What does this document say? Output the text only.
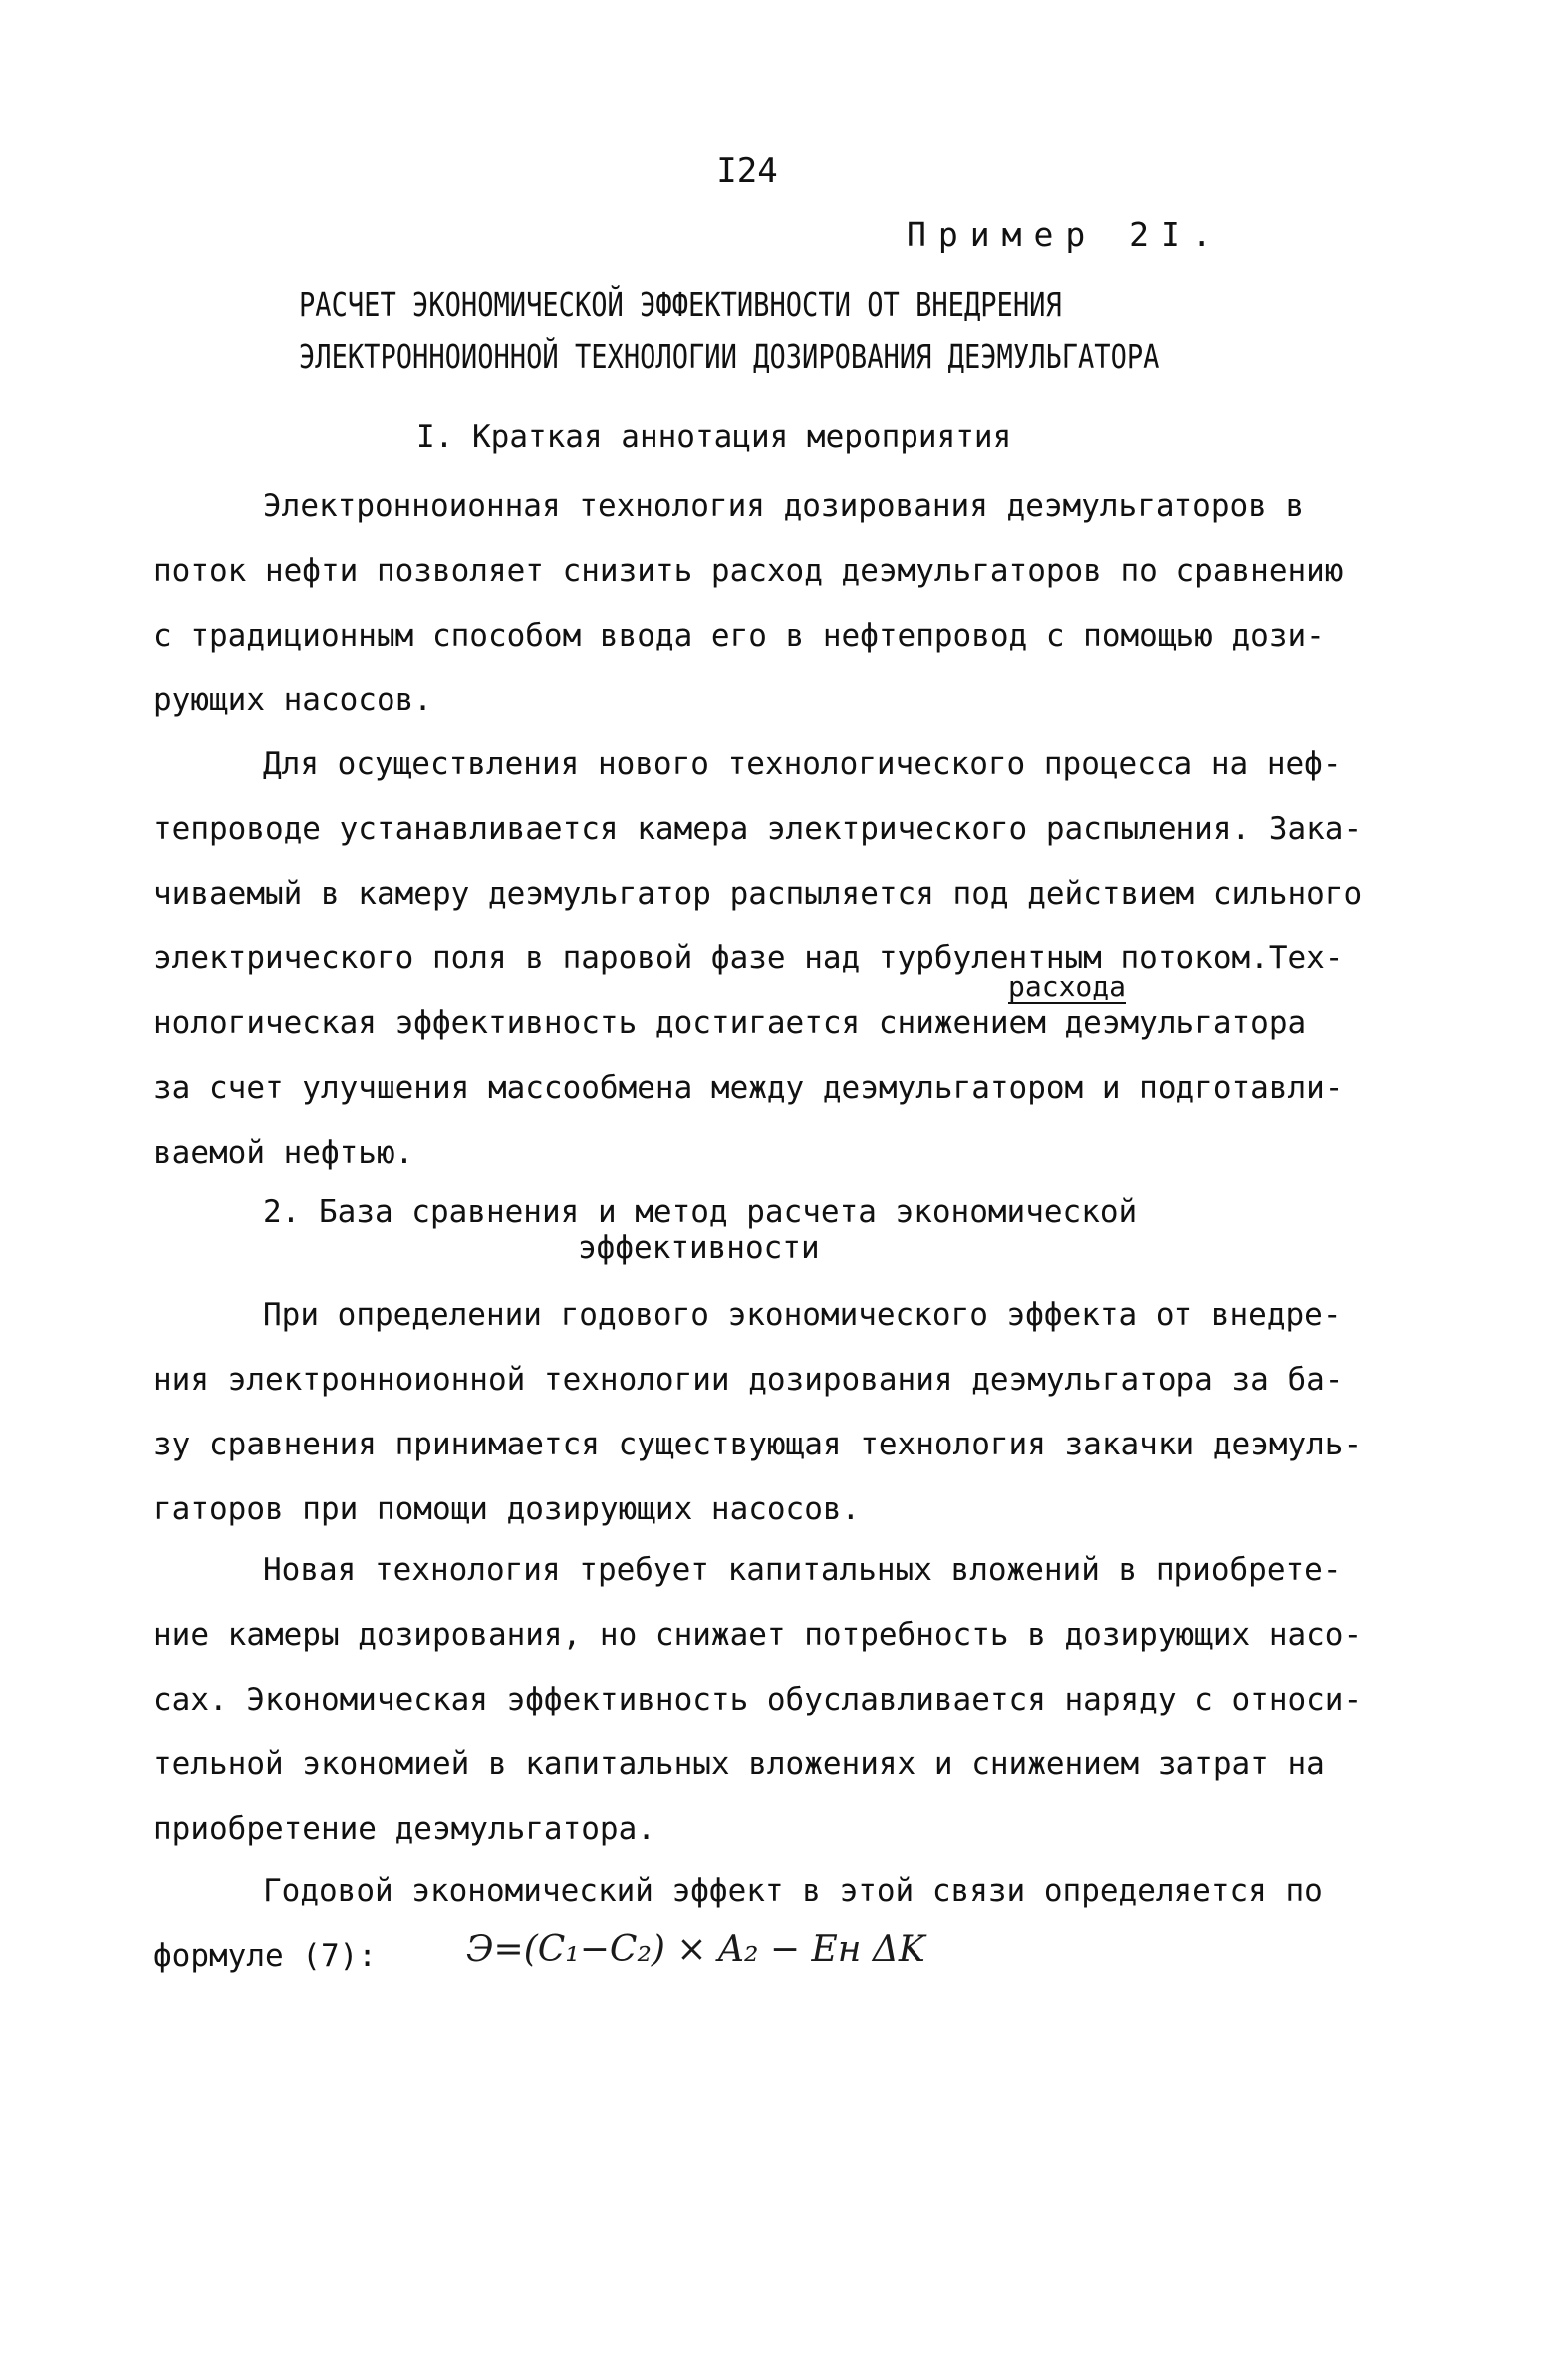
I24
Пример 2I.
РАСЧЕТ ЭКОНОМИЧЕСКОЙ ЭФФЕКТИВНОСТИ ОТ ВНЕДРЕНИЯ
ЭЛЕКТРОННОИОННОЙ ТЕХНОЛОГИИ ДОЗИРОВАНИЯ ДЕЭМУЛЬГАТОРА
I. Краткая аннотация мероприятия
Электронноионная технология дозирования деэмульгаторов в
поток нефти позволяет снизить расход деэмульгаторов по сравнению
с традиционным способом ввода его в нефтепровод с помощью дози-
рующих насосов.
Для осуществления нового технологического процесса на неф-
тепроводе устанавливается камера электрического распыления. Зака-
чиваемый в камеру деэмульгатор распыляется под действием сильного
электрического поля в паровой фазе над турбулентным потоком.Тех-
нологическая эффективность достигается снижением деэмульгатора
за счет улучшения массообмена между деэмульгатором и подготавли-
ваемой нефтью.
расхода
2. База сравнения и метод расчета экономической
эффективности
При определении годового экономического эффекта от внедре-
ния электронноионной технологии дозирования деэмульгатора за ба-
зу сравнения принимается существующая технология закачки деэмуль-
гаторов при помощи дозирующих насосов.
Новая технология требует капитальных вложений в приобрете-
ние камеры дозирования, но снижает потребность в дозирующих насо-
сах. Экономическая эффективность обуславливается наряду с относи-
тельной экономией в капитальных вложениях и снижением затрат на
приобретение деэмульгатора.
Годовой экономический эффект в этой связи определяется по
формуле (7):	Э=(C₁−C₂) × A₂ − Eн ΔK
